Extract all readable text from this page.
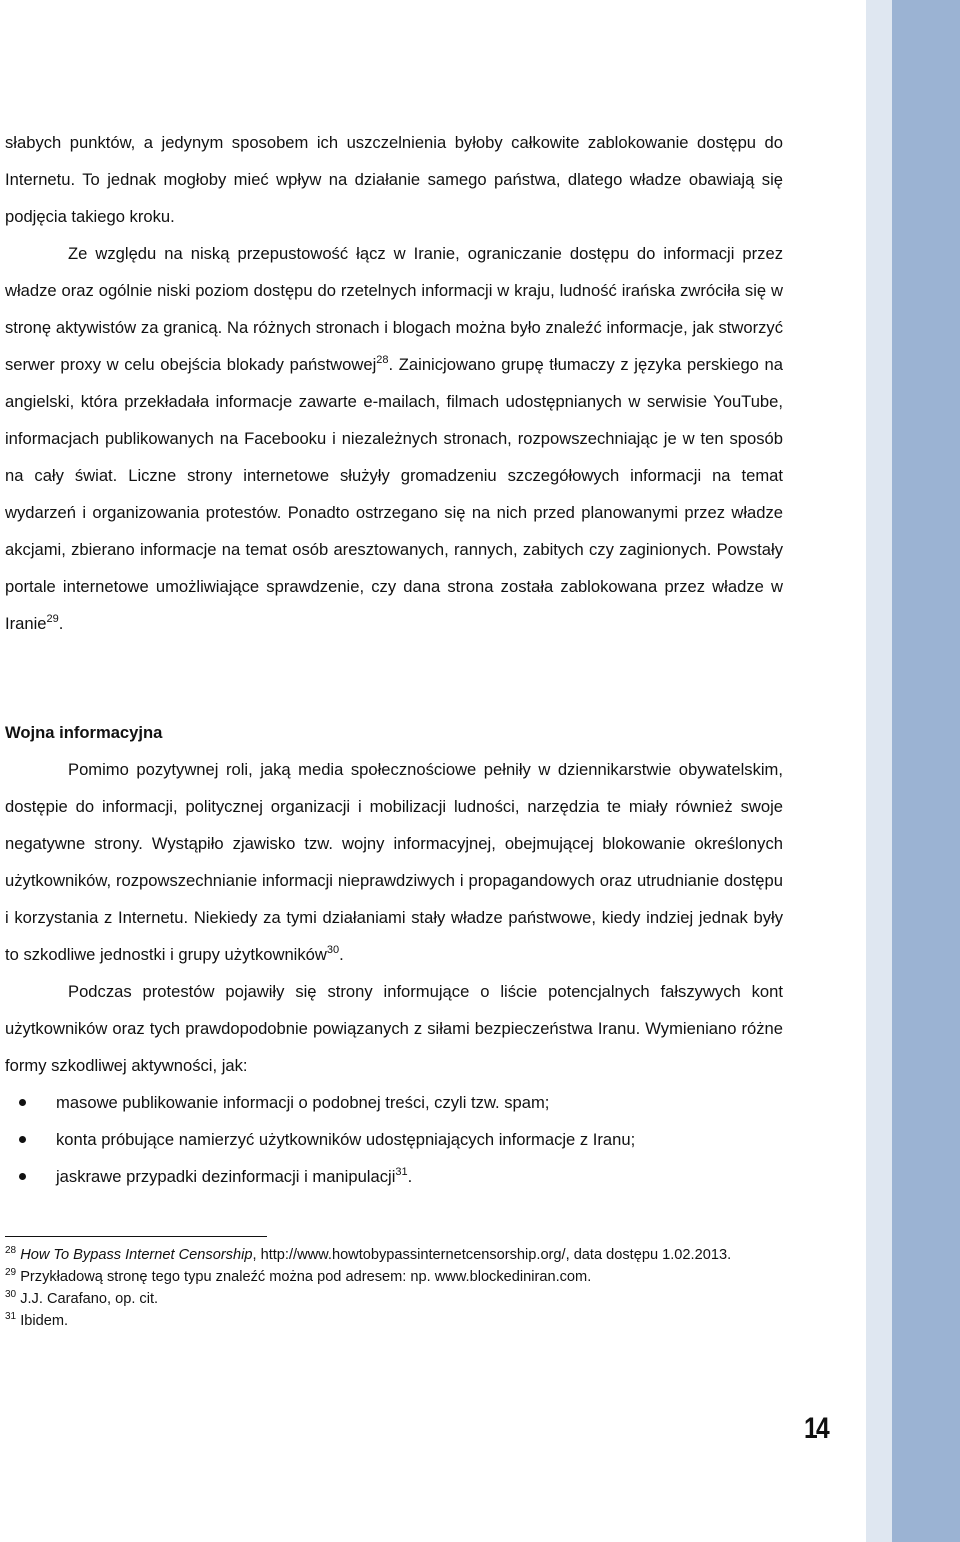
słabych punktów, a jedynym sposobem ich uszczelnienia byłoby całkowite zablokowanie dostępu do Internetu. To jednak mogłoby mieć wpływ na działanie samego państwa, dlatego władze obawiają się podjęcia takiego kroku.

Ze względu na niską przepustowość łącz w Iranie, ograniczanie dostępu do informacji przez władze oraz ogólnie niski poziom dostępu do rzetelnych informacji w kraju, ludność irańska zwróciła się w stronę aktywistów za granicą. Na różnych stronach i blogach można było znaleźć informacje, jak stworzyć serwer proxy w celu obejścia blokady państwowej$^{28}$. Zainicjowano grupę tłumaczy z języka perskiego na angielski, która przekładała informacje zawarte e-mailach, filmach udostępnianych w serwisie YouTube, informacjach publikowanych na Facebooku i niezależnych stronach, rozpowszechniając je w ten sposób na cały świat. Liczne strony internetowe służyły gromadzeniu szczegółowych informacji na temat wydarzeń i organizowania protestów. Ponadto ostrzegano się na nich przed planowanymi przez władze akcjami, zbierano informacje na temat osób aresztowanych, rannych, zabitych czy zaginionych. Powstały portale internetowe umożliwiające sprawdzenie, czy dana strona została zablokowana przez władze w Iranie$^{29}$.

Wojna informacyjna

Pomimo pozytywnej roli, jaką media społecznościowe pełniły w dziennikarstwie obywatelskim, dostępie do informacji, politycznej organizacji i mobilizacji ludności, narzędzia te miały również swoje negatywne strony. Wystąpiło zjawisko tzw. wojny informacyjnej, obejmującej blokowanie określonych użytkowników, rozpowszechnianie informacji nieprawdziwych i propagandowych oraz utrudnianie dostępu i korzystania z Internetu. Niekiedy za tymi działaniami stały władze państwowe, kiedy indziej jednak były to szkodliwe jednostki i grupy użytkowników$^{30}$.

Podczas protestów pojawiły się strony informujące o liście potencjalnych fałszywych kont użytkowników oraz tych prawdopodobnie powiązanych z siłami bezpieczeństwa Iranu. Wymieniano różne formy szkodliwej aktywności, jak:

masowe publikowanie informacji o podobnej treści, czyli tzw. spam;
konta próbujące namierzyć użytkowników udostępniających informacje z Iranu;
jaskrawe przypadki dezinformacji i manipulacji$^{31}$.

$^{28}$ How To Bypass Internet Censorship, http://www.howtobypassinternetcensorship.org/, data dostępu 1.02.2013.

$^{29}$ Przykładową stronę tego typu znaleźć można pod adresem: np. www.blockediniran.com.

$^{30}$ J.J. Carafano, op. cit.

$^{31}$ Ibidem.

14
